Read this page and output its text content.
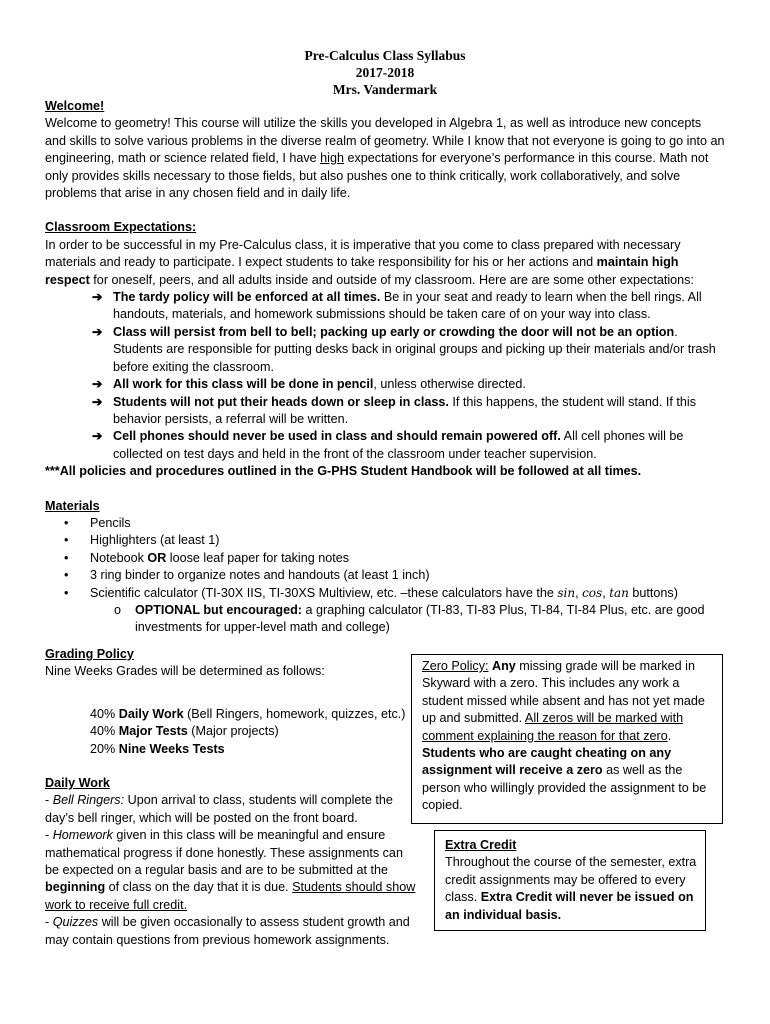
Pre-Calculus Class Syllabus
2017-2018
Mrs. Vandermark
Welcome!

Welcome to geometry! This course will utilize the skills you developed in Algebra 1, as well as introduce new concepts and skills to solve various problems in the diverse realm of geometry. While I know that not everyone is going to go into an engineering, math or science related field, I have high expectations for everyone’s performance in this course. Math not only provides skills necessary to those fields, but also pushes one to think critically, work collaboratively, and solve problems that arise in any chosen field and in daily life.

Classroom Expectations:

In order to be successful in my Pre-Calculus class, it is imperative that you come to class prepared with necessary materials and ready to participate. I expect students to take responsibility for his or her actions and maintain high respect for oneself, peers, and all adults inside and outside of my classroom. Here are are some other expectations:

➔ The tardy policy will be enforced at all times. Be in your seat and ready to learn when the bell rings. All handouts, materials, and homework submissions should be taken care of on your way into class.
➔ Class will persist from bell to bell; packing up early or crowding the door will not be an option. Students are responsible for putting desks back in original groups and picking up their materials and/or trash before exiting the classroom.
➔ All work for this class will be done in pencil, unless otherwise directed.
➔ Students will not put their heads down or sleep in class. If this happens, the student will stand. If this behavior persists, a referral will be written.
➔ Cell phones should never be used in class and should remain powered off. All cell phones will be collected on test days and held in the front of the classroom under teacher supervision.

***All policies and procedures outlined in the G-PHS Student Handbook will be followed at all times.

Materials
• Pencils
• Highlighters (at least 1)
• Notebook OR loose leaf paper for taking notes
• 3 ring binder to organize notes and handouts (at least 1 inch)
• Scientific calculator (TI-30X IIS, TI-30XS Multiview, etc. –these calculators have the sin, cos, tan buttons)
o OPTIONAL but encouraged: a graphing calculator (TI-83, TI-83 Plus, TI-84, TI-84 Plus, etc. are good investments for upper-level math and college)
Grading Policy

Nine Weeks Grades will be determined as follows:

40% Daily Work (Bell Ringers, homework, quizzes, etc.)
40% Major Tests (Major projects)
20% Nine Weeks Tests
Daily Work

- Bell Ringers: Upon arrival to class, students will complete the day’s bell ringer, which will be posted on the front board.

- Homework given in this class will be meaningful and ensure mathematical progress if done honestly. These assignments can be expected on a regular basis and are to be submitted at the beginning of class on the day that it is due. Students should show work to receive full credit.

- Quizzes will be given occasionally to assess student growth and may contain questions from previous homework assignments.

Zero Policy: Any missing grade will be marked in Skyward with a zero. This includes any work a student missed while absent and has not yet made up and submitted. All zeros will be marked with comment explaining the reason for that zero. Students who are caught cheating on any assignment will receive a zero as well as the person who willingly provided the assignment to be copied.
Extra Credit
Throughout the course of the semester, extra credit assignments may be offered to every class. Extra Credit will never be issued on an individual basis.
